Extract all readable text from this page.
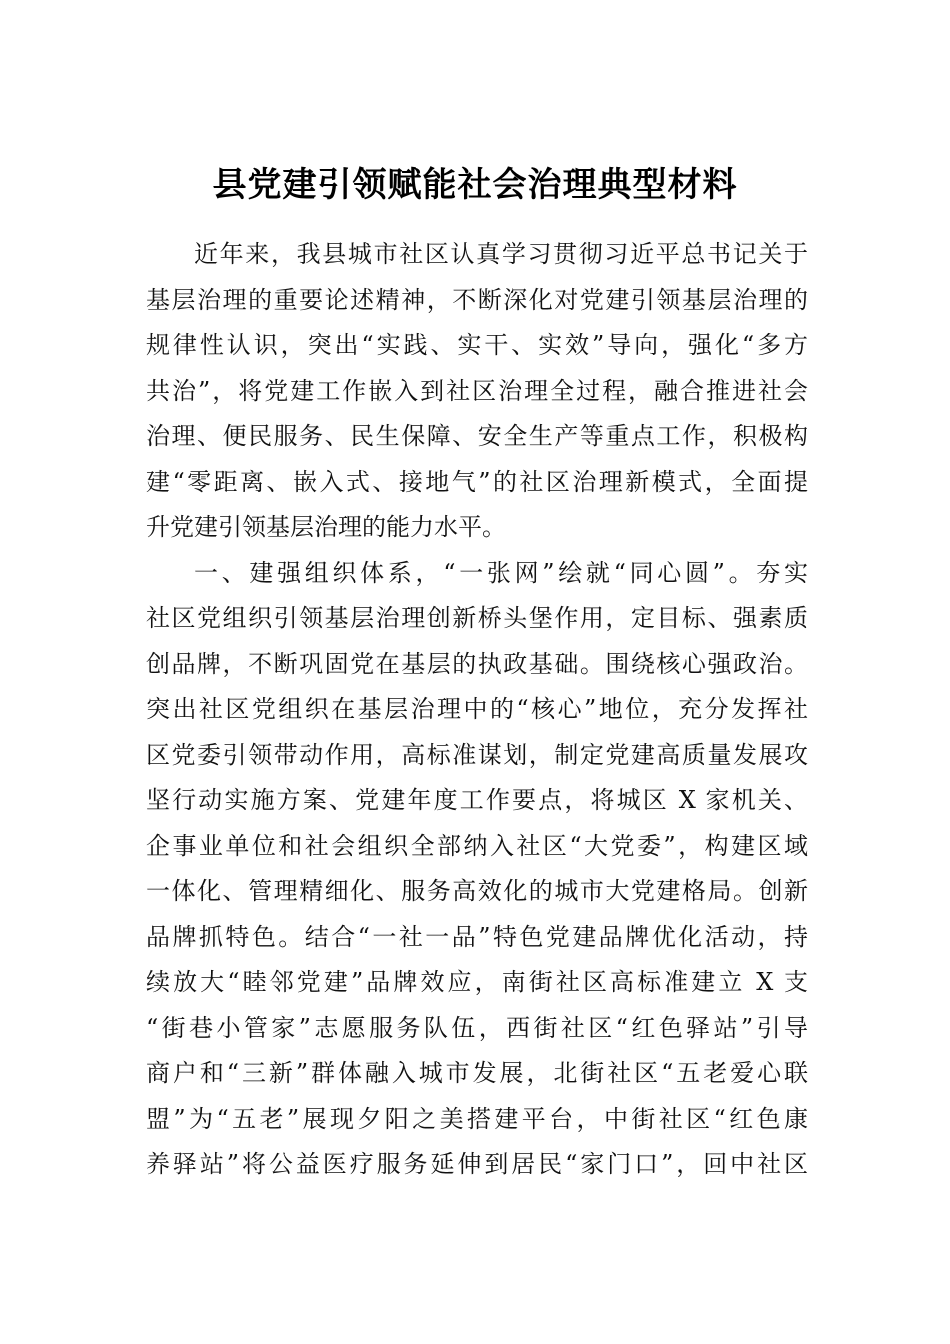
县党建引领赋能社会治理典型材料
近年来，我县城市社区认真学习贯彻习近平总书记关于
基层治理的重要论述精神，不断深化对党建引领基层治理的
规律性认识，突出“实践、实干、实效”导向，强化“多方
共治”，将党建工作嵌入到社区治理全过程，融合推进社会
治理、便民服务、民生保障、安全生产等重点工作，积极构
建“零距离、嵌入式、接地气”的社区治理新模式，全面提
升党建引领基层治理的能力水平。
一、建强组织体系，“一张网”绘就“同心圆”。夯实
社区党组织引领基层治理创新桥头堡作用，定目标、强素质
创品牌，不断巩固党在基层的执政基础。围绕核心强政治。
突出社区党组织在基层治理中的“核心”地位，充分发挥社
区党委引领带动作用，高标准谋划，制定党建高质量发展攻
坚行动实施方案、党建年度工作要点，将城区 X 家机关、
企事业单位和社会组织全部纳入社区“大党委”，构建区域
一体化、管理精细化、服务高效化的城市大党建格局。创新
品牌抓特色。结合“一社一品”特色党建品牌优化活动，持
续放大“睦邻党建”品牌效应，南街社区高标准建立 X 支
“街巷小管家”志愿服务队伍，西街社区“红色驿站”引导
商户和“三新”群体融入城市发展，北街社区“五老爱心联
盟”为“五老”展现夕阳之美搭建平台，中街社区“红色康
养驿站”将公益医疗服务延伸到居民“家门口”，回中社区
